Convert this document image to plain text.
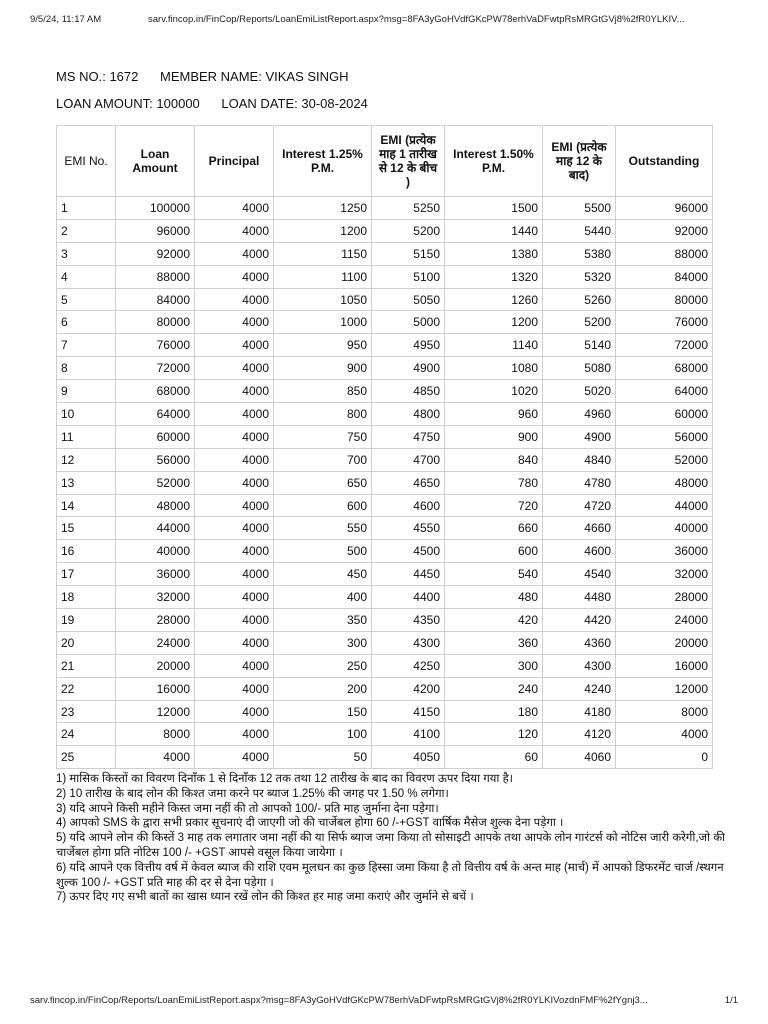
9/5/24, 11:17 AM	sarv.fincop.in/FinCop/Reports/LoanEmiListReport.aspx?msg=8FA3yGoHVdfGKcPW78erhVaDFwtpRsMRGtGVj8%2fR0YLKIV...
MS NO.: 1672 MEMBER NAME: VIKAS SINGH
LOAN AMOUNT: 100000 LOAN DATE: 30-08-2024
EMI No.	Loan Amount	Principal	Interest 1.25% P.M.	EMI (प्रत्येक माह 1 तारीख से 12 के बीच )	Interest 1.50% P.M.	EMI (प्रत्येक माह 12 के बाद)	Outstanding
1	100000	4000	1250	5250	1500	5500	96000
2	96000	4000	1200	5200	1440	5440	92000
3	92000	4000	1150	5150	1380	5380	88000
4	88000	4000	1100	5100	1320	5320	84000
5	84000	4000	1050	5050	1260	5260	80000
6	80000	4000	1000	5000	1200	5200	76000
7	76000	4000	950	4950	1140	5140	72000
8	72000	4000	900	4900	1080	5080	68000
9	68000	4000	850	4850	1020	5020	64000
10	64000	4000	800	4800	960	4960	60000
11	60000	4000	750	4750	900	4900	56000
12	56000	4000	700	4700	840	4840	52000
13	52000	4000	650	4650	780	4780	48000
14	48000	4000	600	4600	720	4720	44000
15	44000	4000	550	4550	660	4660	40000
16	40000	4000	500	4500	600	4600	36000
17	36000	4000	450	4450	540	4540	32000
18	32000	4000	400	4400	480	4480	28000
19	28000	4000	350	4350	420	4420	24000
20	24000	4000	300	4300	360	4360	20000
21	20000	4000	250	4250	300	4300	16000
22	16000	4000	200	4200	240	4240	12000
23	12000	4000	150	4150	180	4180	8000
24	8000	4000	100	4100	120	4120	4000
25	4000	4000	50	4050	60	4060	0
1) मासिक किस्तों का विवरण दिनाँक 1 से दिनाँक 12 तक तथा 12 तारीख के बाद का विवरण ऊपर दिया गया है।
2) 10 तारीख के बाद लोन की किश्त जमा करने पर ब्याज 1.25% की जगह पर 1.50 % लगेगा।
3) यदि आपने किसी महीने किस्त जमा नहीं की तो आपको 100/- प्रति माह जुर्माना देना पड़ेगा।
4) आपको SMS के द्वारा सभी प्रकार सूचनाएं दी जाएगी जो की चार्जेबल होगा 60 /-+GST वार्षिक मैसेज शुल्क देना पड़ेगा ।
5) यदि आपने लोन की किस्तें 3 माह तक लगातार जमा नहीं की या सिर्फ ब्याज जमा किया तो सोसाइटी आपके तथा आपके लोन गारंटर्स को नोटिस जारी करेगी,जो की चार्जेबल होगा प्रति नोटिस 100 /- +GST आपसे वसूल किया जायेगा ।
6) यदि आपने एक वित्तीय वर्ष में केवल ब्याज की राशि एवम मूलधन का कुछ हिस्सा जमा किया है तो वित्तीय वर्ष के अन्त माह (मार्च) में आपको डिफरमेंट चार्ज /स्थगन शुल्क 100 /- +GST प्रति माह की दर से देना पड़ेगा ।
7) ऊपर दिए गए सभी बातों का खास ध्यान रखें लोन की किश्त हर माह जमा कराएं और जुर्माने से बचें ।
sarv.fincop.in/FinCop/Reports/LoanEmiListReport.aspx?msg=8FA3yGoHVdfGKcPW78erhVaDFwtpRsMRGtGVj8%2fR0YLKIVozdnFMF%2fYgnj3...	1/1
